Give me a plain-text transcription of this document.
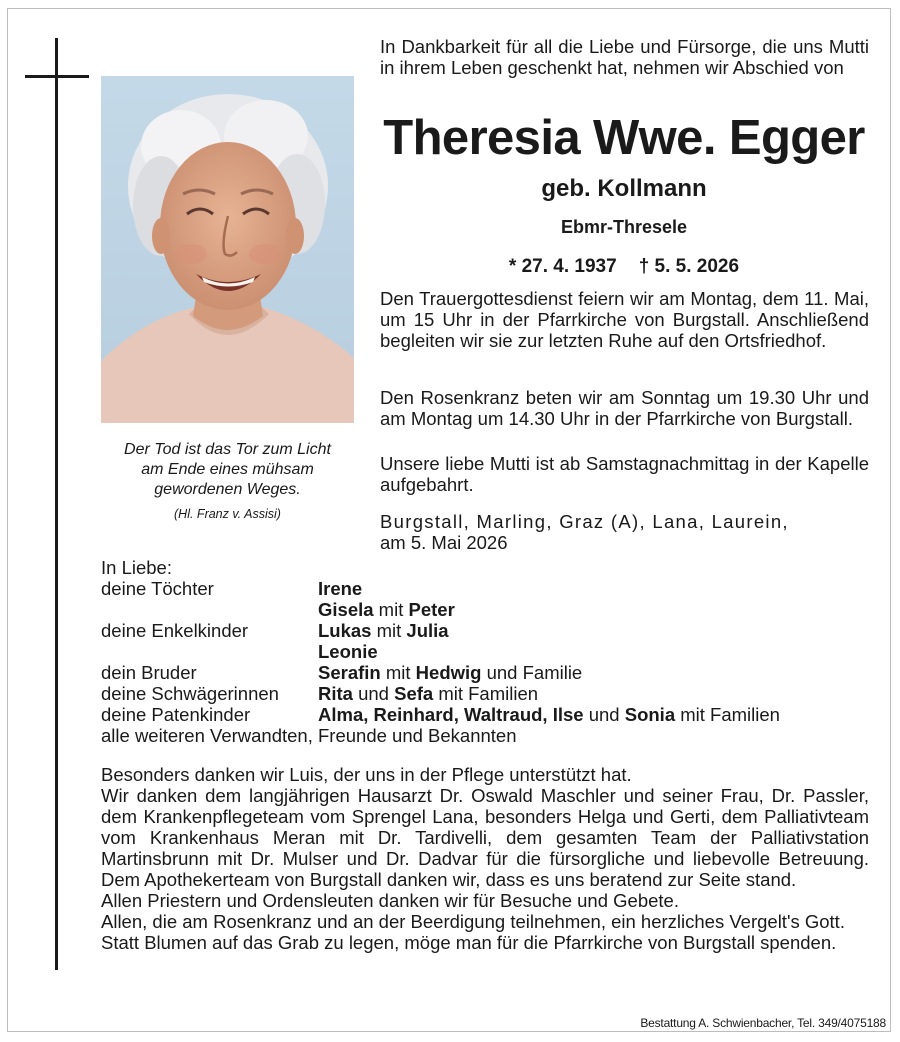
Der Tod ist das Tor zum Licht
am Ende eines mühsam
gewordenen Weges.
(Hl. Franz v. Assisi)
In Dankbarkeit für all die Liebe und Fürsorge, die uns Mutti in ihrem Leben geschenkt hat, nehmen wir Abschied von
Theresia Wwe. Egger
geb. Kollmann
Ebmr-Thresele
* 27. 4. 1937 † 5. 5. 2026
Den Trauergottesdienst feiern wir am Montag, dem 11. Mai, um 15 Uhr in der Pfarrkirche von Burgstall. Anschließend begleiten wir sie zur letzten Ruhe auf den Ortsfriedhof.
Den Rosenkranz beten wir am Sonntag um 19.30 Uhr und am Montag um 14.30 Uhr in der Pfarrkirche von Burgstall.
Unsere liebe Mutti ist ab Samstagnachmittag in der Kapelle aufgebahrt.
Burgstall, Marling, Graz (A), Lana, Laurein,
am 5. Mai 2026
In Liebe:
deine Töchter	Irene
Gisela mit Peter
deine Enkelkinder	Lukas mit Julia
Leonie
dein Bruder	Serafin mit Hedwig und Familie
deine Schwägerinnen	Rita und Sefa mit Familien
deine Patenkinder	Alma, Reinhard, Waltraud, Ilse und Sonia mit Familien
alle weiteren Verwandten, Freunde und Bekannten

Besonders danken wir Luis, der uns in der Pflege unterstützt hat.

Wir danken dem langjährigen Hausarzt Dr. Oswald Maschler und seiner Frau, Dr. Passler, dem Krankenpflegeteam vom Sprengel Lana, besonders Helga und Gerti, dem Palliativteam vom Krankenhaus Meran mit Dr. Tardivelli, dem gesamten Team der Palliativstation Martinsbrunn mit Dr. Mulser und Dr. Dadvar für die fürsorgliche und liebevolle Betreuung. Dem Apothekerteam von Burgstall danken wir, dass es uns beratend zur Seite stand.

Allen Priestern und Ordensleuten danken wir für Besuche und Gebete.

Allen, die am Rosenkranz und an der Beerdigung teilnehmen, ein herzliches Vergelt's Gott.

Statt Blumen auf das Grab zu legen, möge man für die Pfarrkirche von Burgstall spenden.

Bestattung A. Schwienbacher, Tel. 349/4075188
